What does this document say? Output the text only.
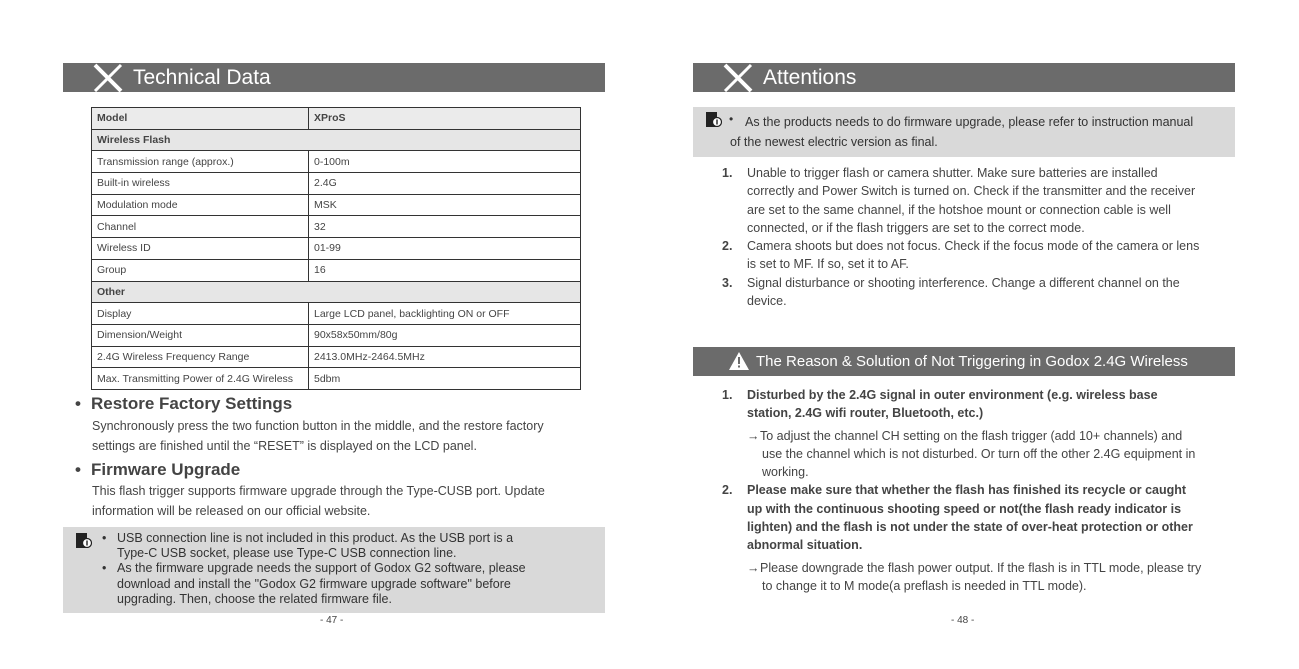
Technical Data
Model	XProS
Wireless Flash	
Transmission range (approx.)	0-100m
Built-in wireless	2.4G
Modulation mode	MSK
Channel	32
Wireless ID	01-99
Group	16
Other	
Display	Large LCD panel, backlighting ON or OFF
Dimension/Weight	90x58x50mm/80g
2.4G Wireless Frequency Range	2413.0MHz-2464.5MHz
Max. Transmitting Power of 2.4G Wireless	5dbm
• Restore Factory Settings
Synchronously press the two function button in the middle, and the restore factory
settings are finished until the “RESET” is displayed on the LCD panel.
• Firmware Upgrade
This flash trigger supports firmware upgrade through the Type-CUSB port. Update
information will be released on our official website.
• USB connection line is not included in this product. As the USB port is a
Type-C USB socket, please use Type-C USB connection line.
• As the firmware upgrade needs the support of Godox G2 software, please
download and install the "Godox G2 firmware upgrade software" before
upgrading. Then, choose the related firmware file.
- 47 -
Attentions
• As the products needs to do firmware upgrade, please refer to instruction manual
of the newest electric version as final.
1. Unable to trigger flash or camera shutter. Make sure batteries are installed
correctly and Power Switch is turned on. Check if the transmitter and the receiver
are set to the same channel, if the hotshoe mount or connection cable is well
connected, or if the flash triggers are set to the correct mode.
2. Camera shoots but does not focus. Check if the focus mode of the camera or lens
is set to MF. If so, set it to AF.
3. Signal disturbance or shooting interference. Change a different channel on the
device.
The Reason & Solution of Not Triggering in Godox 2.4G Wireless
1. Disturbed by the 2.4G signal in outer environment (e.g. wireless base
station, 2.4G wifi router, Bluetooth, etc.)
→ To adjust the channel CH setting on the flash trigger (add 10+ channels) and
use the channel which is not disturbed. Or turn off the other 2.4G equipment in
working.
2. Please make sure that whether the flash has finished its recycle or caught
up with the continuous shooting speed or not(the flash ready indicator is
lighten) and the flash is not under the state of over-heat protection or other
abnormal situation.
→ Please downgrade the flash power output. If the flash is in TTL mode, please try
to change it to M mode(a preflash is needed in TTL mode).
- 48 -
